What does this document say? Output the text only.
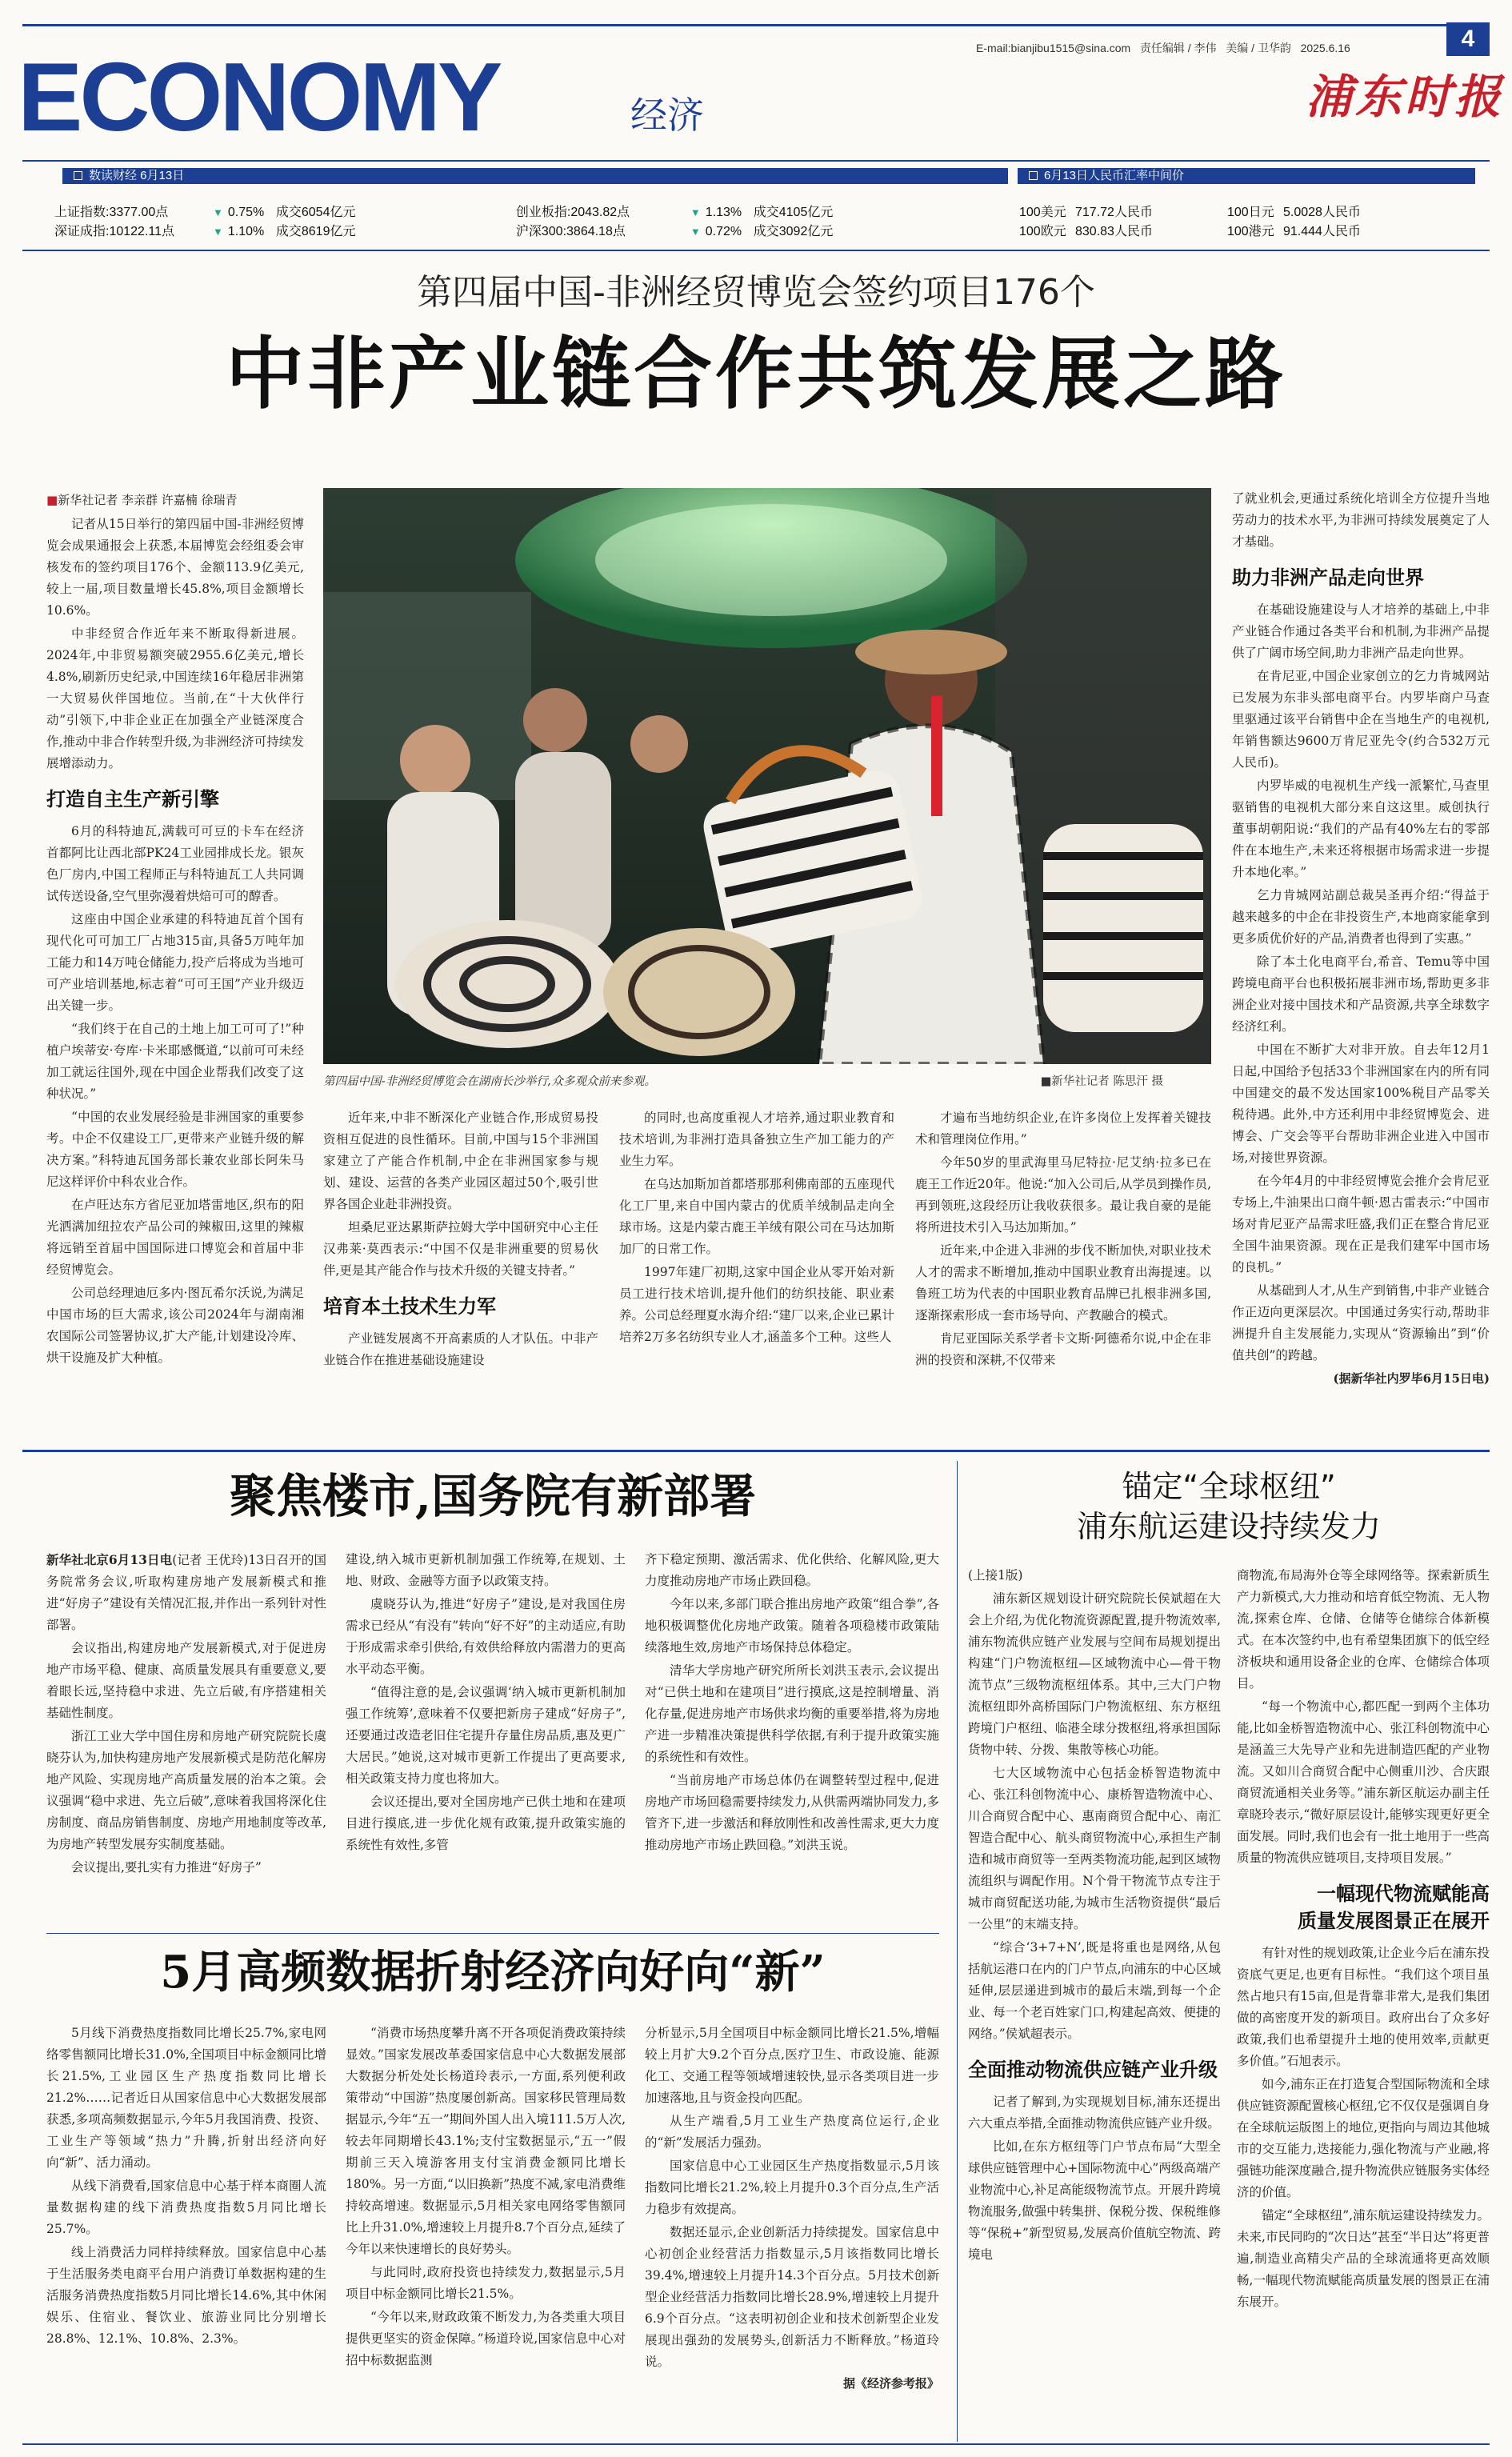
E-mail:bianjibu1515@sina.com 责任编辑 / 李伟 美编 / 卫华韵 2025.6.16	4
ECONOMY	经济	浦东时报
数读财经 6月13日	6月13日人民币汇率中间价
上证指数:3377.00点	▼ 0.75% 成交6054亿元	创业板指:2043.82点	▼ 1.13% 成交4105亿元
深证成指:10122.11点	▼ 1.10% 成交8619亿元	沪深300:3864.18点	▼ 0.72% 成交3092亿元
100美元 717.72人民币	100日元 5.0028人民币
100欧元 830.83人民币	100港元 91.444人民币
第四届中国-非洲经贸博览会签约项目176个
中非产业链合作共筑发展之路
■新华社记者 李亲群 许嘉楠 徐瑞青

记者从15日举行的第四届中国-非洲经贸博览会成果通报会上获悉,本届博览会经组委会审核发布的签约项目176个、金额113.9亿美元,较上一届,项目数量增长45.8%,项目金额增长10.6%。

中非经贸合作近年来不断取得新进展。2024年,中非贸易额突破2955.6亿美元,增长4.8%,刷新历史纪录,中国连续16年稳居非洲第一大贸易伙伴国地位。当前,在“十大伙伴行动”引领下,中非企业正在加强全产业链深度合作,推动中非合作转型升级,为非洲经济可持续发展增添动力。

打造自主生产新引擎

6月的科特迪瓦,满载可可豆的卡车在经济首都阿比让西北部PK24工业园排成长龙。银灰色厂房内,中国工程师正与科特迪瓦工人共同调试传送设备,空气里弥漫着烘焙可可的醇香。

这座由中国企业承建的科特迪瓦首个国有现代化可可加工厂占地315亩,具备5万吨年加工能力和14万吨仓储能力,投产后将成为当地可可产业培训基地,标志着“可可王国”产业升级迈出关键一步。

“我们终于在自己的土地上加工可可了!”种植户埃蒂安·夸库·卡米耶感慨道,“以前可可未经加工就运往国外,现在中国企业帮我们改变了这种状况。”

“中国的农业发展经验是非洲国家的重要参考。中企不仅建设工厂,更带来产业链升级的解决方案。”科特迪瓦国务部长兼农业部长阿朱马尼这样评价中科农业合作。

在卢旺达东方省尼亚加塔雷地区,织布的阳光洒满加纽拉农产品公司的辣椒田,这里的辣椒将远销至首届中国国际进口博览会和首届中非经贸博览会。

公司总经理迪厄多内·图瓦希尔沃说,为满足中国市场的巨大需求,该公司2024年与湖南湘农国际公司签署协议,扩大产能,计划建设冷库、烘干设施及扩大种植。

第四届中国-非洲经贸博览会在湖南长沙举行,众多观众前来参观。	■新华社记者 陈思汗 摄

近年来,中非不断深化产业链合作,形成贸易投资相互促进的良性循环。目前,中国与15个非洲国家建立了产能合作机制,中企在非洲国家参与规划、建设、运营的各类产业园区超过50个,吸引世界各国企业赴非洲投资。

坦桑尼亚达累斯萨拉姆大学中国研究中心主任汉弗莱·莫西表示:“中国不仅是非洲重要的贸易伙伴,更是其产能合作与技术升级的关键支持者。”

培育本土技术生力军

产业链发展离不开高素质的人才队伍。中非产业链合作在推进基础设施建设

的同时,也高度重视人才培养,通过职业教育和技术培训,为非洲打造具备独立生产加工能力的产业生力军。

在乌达加斯加首都塔那那利佛南部的五座现代化工厂里,来自中国内蒙古的优质羊绒制品走向全球市场。这是内蒙古鹿王羊绒有限公司在马达加斯加厂的日常工作。

1997年建厂初期,这家中国企业从零开始对新员工进行技术培训,提升他们的纺织技能、职业素养。公司总经理夏水海介绍:“建厂以来,企业已累计培养2万多名纺织专业人才,涵盖多个工种。这些人

才遍布当地纺织企业,在许多岗位上发挥着关键技术和管理岗位作用。”

今年50岁的里武海里马尼特拉·尼艾纳·拉多已在鹿王工作近20年。他说:“加入公司后,从学员到操作员,再到领班,这段经历让我收获很多。最让我自豪的是能将所进技术引入马达加斯加。”

近年来,中企进入非洲的步伐不断加快,对职业技术人才的需求不断增加,推动中国职业教育出海提速。以鲁班工坊为代表的中国职业教育品牌已扎根非洲多国,逐渐探索形成一套市场导向、产教融合的模式。

肯尼亚国际关系学者卡文斯·阿德希尔说,中企在非洲的投资和深耕,不仅带来

了就业机会,更通过系统化培训全方位提升当地劳动力的技术水平,为非洲可持续发展奠定了人才基础。

助力非洲产品走向世界

在基础设施建设与人才培养的基础上,中非产业链合作通过各类平台和机制,为非洲产品提供了广阔市场空间,助力非洲产品走向世界。

在肯尼亚,中国企业家创立的乞力肯城网站已发展为东非头部电商平台。内罗毕商户马查里驱通过该平台销售中企在当地生产的电视机,年销售额达9600万肯尼亚先令(约合532万元人民币)。

内罗毕威的电视机生产线一派繁忙,马查里驱销售的电视机大部分来自这这里。威创执行董事胡朝阳说:“我们的产品有40%左右的零部件在本地生产,未来还将根据市场需求进一步提升本地化率。”

乞力肯城网站副总裁吴圣再介绍:“得益于越来越多的中企在非投资生产,本地商家能拿到更多质优价好的产品,消费者也得到了实惠。”

除了本土化电商平台,希音、Temu等中国跨境电商平台也积极拓展非洲市场,帮助更多非洲企业对接中国技术和产品资源,共享全球数字经济红利。

中国在不断扩大对非开放。自去年12月1日起,中国给予包括33个非洲国家在内的所有同中国建交的最不发达国家100%税目产品零关税待遇。此外,中方还利用中非经贸博览会、进博会、广交会等平台帮助非洲企业进入中国市场,对接世界资源。

在今年4月的中非经贸博览会推介会肯尼亚专场上,牛油果出口商牛顿·恩古雷表示:“中国市场对肯尼亚产品需求旺盛,我们正在整合肯尼亚全国牛油果资源。现在正是我们建军中国市场的良机。”

从基础到人才,从生产到销售,中非产业链合作正迈向更深层次。中国通过务实行动,帮助非洲提升自主发展能力,实现从“资源输出”到“价值共创”的跨越。

(据新华社内罗毕6月15日电)
聚焦楼市,国务院有新部署

新华社北京6月13日电(记者 王优玲)13日召开的国务院常务会议,听取构建房地产发展新模式和推进“好房子”建设有关情况汇报,并作出一系列针对性部署。

会议指出,构建房地产发展新模式,对于促进房地产市场平稳、健康、高质量发展具有重要意义,要着眼长远,坚持稳中求进、先立后破,有序搭建相关基础性制度。

浙江工业大学中国住房和房地产研究院院长虞晓芬认为,加快构建房地产发展新模式是防范化解房地产风险、实现房地产高质量发展的治本之策。会议强调“稳中求进、先立后破”,意味着我国将深化住房制度、商品房销售制度、房地产用地制度等改革,为房地产转型发展夯实制度基础。

会议提出,要扎实有力推进“好房子”

建设,纳入城市更新机制加强工作统筹,在规划、土地、财政、金融等方面予以政策支持。

虞晓芬认为,推进“好房子”建设,是对我国住房需求已经从“有没有”转向“好不好”的主动适应,有助于形成需求牵引供给,有效供给释放内需潜力的更高水平动态平衡。

“值得注意的是,会议强调‘纳入城市更新机制加强工作统筹’,意味着不仅要把新房子建成“好房子”,还要通过改造老旧住宅提升存量住房品质,惠及更广大居民。”她说,这对城市更新工作提出了更高要求,相关政策支持力度也将加大。

会议还提出,要对全国房地产已供土地和在建项目进行摸底,进一步优化规有政策,提升政策实施的系统性有效性,多管

齐下稳定预期、激活需求、优化供给、化解风险,更大力度推动房地产市场止跌回稳。

今年以来,多部门联合推出房地产政策“组合拳”,各地积极调整优化房地产政策。随着各项稳楼市政策陆续落地生效,房地产市场保持总体稳定。

清华大学房地产研究所所长刘洪玉表示,会议提出对“已供土地和在建项目”进行摸底,这是控制增量、消化存量,促进房地产市场供求均衡的重要举措,将为房地产进一步精准决策提供科学依据,有利于提升政策实施的系统性和有效性。

“当前房地产市场总体仍在调整转型过程中,促进房地产市场回稳需要持续发力,从供需两端协同发力,多管齐下,进一步激活和释放刚性和改善性需求,更大力度推动房地产市场止跌回稳。”刘洪玉说。

5月高频数据折射经济向好向“新”

5月线下消费热度指数同比增长25.7%,家电网络零售额同比增长31.0%,全国项目中标金额同比增长21.5%,工业园区生产热度指数同比增长21.2%……记者近日从国家信息中心大数据发展部获悉,多项高频数据显示,今年5月我国消费、投资、工业生产等领域“热力”升腾,折射出经济向好向“新”、活力涌动。

从线下消费看,国家信息中心基于样本商圈人流量数据构建的线下消费热度指数5月同比增长25.7%。

线上消费活力同样持续释放。国家信息中心基于生活服务类电商平台用户消费订单数据构建的生活服务消费热度指数5月同比增长14.6%,其中休闲娱乐、住宿业、餐饮业、旅游业同比分别增长28.8%、12.1%、10.8%、2.3%。

“消费市场热度攀升离不开各项促消费政策持续显效。”国家发展改革委国家信息中心大数据发展部大数据分析处处长杨道玲表示,一方面,系列便利政策带动“中国游”热度屡创新高。国家移民管理局数据显示,今年“五一”期间外国人出入境111.5万人次,较去年同期增长43.1%;支付宝数据显示,“五一”假期前三天入境游客用支付宝消费金额同比增长180%。另一方面,“以旧换新”热度不减,家电消费维持较高增速。数据显示,5月相关家电网络零售额同比上升31.0%,增速较上月提升8.7个百分点,延续了今年以来快速增长的良好势头。

与此同时,政府投资也持续发力,数据显示,5月项目中标金额同比增长21.5%。

“今年以来,财政政策不断发力,为各类重大项目提供更坚实的资金保障。”杨道玲说,国家信息中心对招中标数据监测

分析显示,5月全国项目中标金额同比增长21.5%,增幅较上月扩大9.2个百分点,医疗卫生、市政设施、能源化工、交通工程等领域增速较快,显示各类项目进一步加速落地,且与资金投向匹配。

从生产端看,5月工业生产热度高位运行,企业的“新”发展活力强劲。

国家信息中心工业园区生产热度指数显示,5月该指数同比增长21.2%,较上月提升0.3个百分点,生产活力稳步有效提高。

数据还显示,企业创新活力持续提发。国家信息中心初创企业经营活力指数显示,5月该指数同比增长39.4%,增速较上月提升14.3个百分点。5月技术创新型企业经营活力指数同比增长28.9%,增速较上月提升6.9个百分点。“这表明初创企业和技术创新型企业发展现出强劲的发展势头,创新活力不断释放。”杨道玲说。

据《经济参考报》
锚定“全球枢纽”
浦东航运建设持续发力

(上接1版)

浦东新区规划设计研究院院长侯斌超在大会上介绍,为优化物流资源配置,提升物流效率,浦东物流供应链产业发展与空间布局规划提出构建“门户物流枢纽—区域物流中心—骨干物流节点”三级物流枢纽体系。其中,三大门户物流枢纽即外高桥国际门户物流枢纽、东方枢纽跨境门户枢纽、临港全球分拨枢纽,将承担国际货物中转、分拨、集散等核心功能。

七大区域物流中心包括金桥智造物流中心、张江科创物流中心、康桥智造物流中心、川合商贸合配中心、惠南商贸合配中心、南汇智造合配中心、航头商贸物流中心,承担生产制造和城市商贸等一至两类物流功能,起到区域物流组织与调配作用。N个骨干物流节点专注于城市商贸配送功能,为城市生活物资提供“最后一公里”的末端支持。

“综合‘3+7+N’,既是将重也是网络,从包括航运港口在内的门户节点,向浦东的中心区域延伸,层层递进到城市的最后末端,到每一个企业、每一个老百姓家门口,构建起高效、便捷的网络。”侯斌超表示。

全面推动物流供应链产业升级

记者了解到,为实现规划目标,浦东还提出六大重点举措,全面推动物流供应链产业升级。

比如,在东方枢纽等门户节点布局“大型全球供应链管理中心+国际物流中心”两级高端产业物流中心,补足高能级物流节点。开展升跨境物流服务,做强中转集拼、保税分拨、保税维修等“保税+”新型贸易,发展高价值航空物流、跨境电

商物流,布局海外仓等全球网络等。探索新质生产力新模式,大力推动和培育低空物流、无人物流,探索仓库、仓储、仓储等仓储综合体新模式。在本次签约中,也有希望集团旗下的低空经济板块和通用设备企业的仓库、仓储综合体项目。

“每一个物流中心,都匹配一到两个主体功能,比如金桥智造物流中心、张江科创物流中心是涵盖三大先导产业和先进制造匹配的产业物流。又如川合商贸合配中心侧重川沙、合庆跟商贸流通相关业务等。”浦东新区航运办副主任章晓玲表示,“微好原层设计,能够实现更好更全面发展。同时,我们也会有一批土地用于一些高质量的物流供应链项目,支持项目发展。”

一幅现代物流赋能高
质量发展图景正在展开

有针对性的规划政策,让企业今后在浦东投资底气更足,也更有目标性。“我们这个项目虽然占地只有15亩,但是背靠非常大,是我们集团做的高密度开发的新项目。政府出台了众多好政策,我们也希望提升土地的使用效率,贡献更多价值。”石旭表示。

如今,浦东正在打造复合型国际物流和全球供应链资源配置核心枢纽,它不仅仅是强调自身在全球航运版图上的地位,更指向与周边其他城市的交互能力,迭接能力,强化物流与产业融,将强链功能深度融合,提升物流供应链服务实体经济的价值。

锚定“全球枢纽”,浦东航运建设持续发力。未来,市民同昀的“次日达”甚至“半日达”将更普遍,制造业高精尖产品的全球流通将更高效顺畅,一幅现代物流赋能高质量发展的图景正在浦东展开。
